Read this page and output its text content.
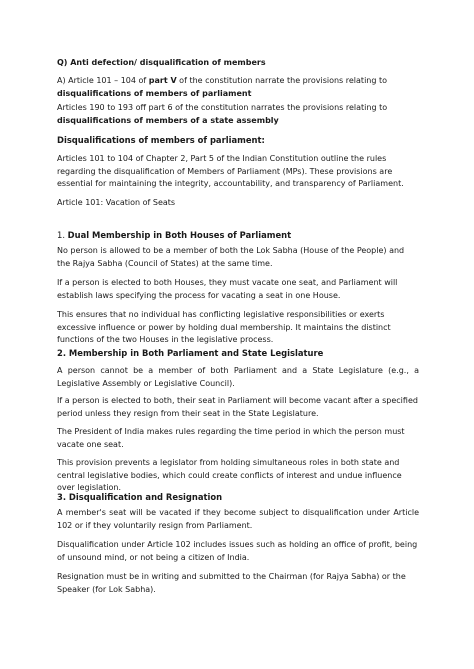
Q) Anti defection/ disqualification of members

A) Article 101 – 104 of part V of the constitution narrate the provisions relating to disqualifications of members of parliament

Articles 190 to 193 off part 6 of the constitution narrates the provisions relating to disqualifications of members of a state assembly

Disqualifications of members of parliament:

Articles 101 to 104 of Chapter 2, Part 5 of the Indian Constitution outline the rules regarding the disqualification of Members of Parliament (MPs). These provisions are essential for maintaining the integrity, accountability, and transparency of Parliament.

Article 101: Vacation of Seats

1. Dual Membership in Both Houses of Parliament

No person is allowed to be a member of both the Lok Sabha (House of the People) and the Rajya Sabha (Council of States) at the same time.

If a person is elected to both Houses, they must vacate one seat, and Parliament will establish laws specifying the process for vacating a seat in one House.

This ensures that no individual has conflicting legislative responsibilities or exerts excessive influence or power by holding dual membership. It maintains the distinct functions of the two Houses in the legislative process.

2. Membership in Both Parliament and State Legislature

A person cannot be a member of both Parliament and a State Legislature (e.g., a Legislative Assembly or Legislative Council).

If a person is elected to both, their seat in Parliament will become vacant after a specified period unless they resign from their seat in the State Legislature.

The President of India makes rules regarding the time period in which the person must vacate one seat.

This provision prevents a legislator from holding simultaneous roles in both state and central legislative bodies, which could create conflicts of interest and undue influence over legislation.

3. Disqualification and Resignation

A member's seat will be vacated if they become subject to disqualification under Article 102 or if they voluntarily resign from Parliament.

Disqualification under Article 102 includes issues such as holding an office of profit, being of unsound mind, or not being a citizen of India.

Resignation must be in writing and submitted to the Chairman (for Rajya Sabha) or the Speaker (for Lok Sabha).
